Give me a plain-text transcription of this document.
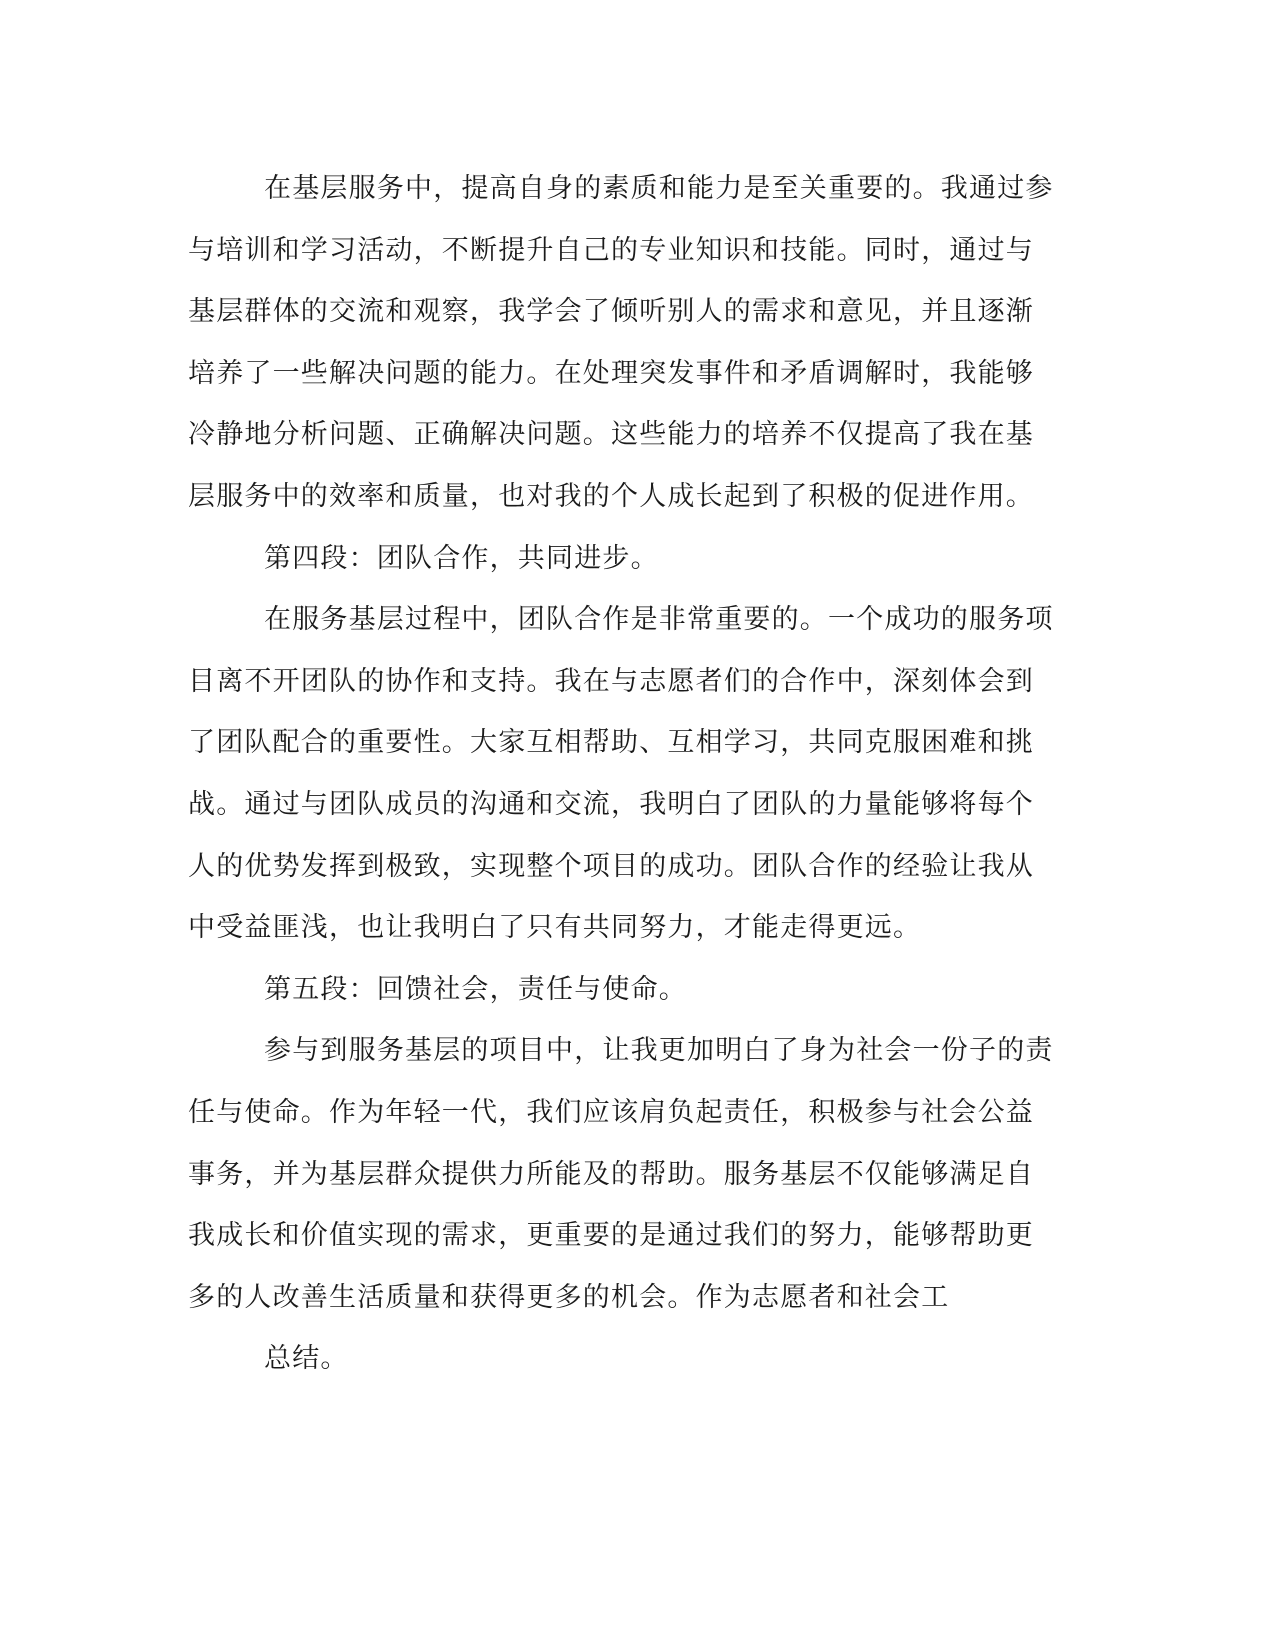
在基层服务中，提高自身的素质和能力是至关重要的。我通过参
与培训和学习活动，不断提升自己的专业知识和技能。同时，通过与
基层群体的交流和观察，我学会了倾听别人的需求和意见，并且逐渐
培养了一些解决问题的能力。在处理突发事件和矛盾调解时，我能够
冷静地分析问题、正确解决问题。这些能力的培养不仅提高了我在基
层服务中的效率和质量，也对我的个人成长起到了积极的促进作用。
第四段：团队合作，共同进步。
在服务基层过程中，团队合作是非常重要的。一个成功的服务项
目离不开团队的协作和支持。我在与志愿者们的合作中，深刻体会到
了团队配合的重要性。大家互相帮助、互相学习，共同克服困难和挑
战。通过与团队成员的沟通和交流，我明白了团队的力量能够将每个
人的优势发挥到极致，实现整个项目的成功。团队合作的经验让我从
中受益匪浅，也让我明白了只有共同努力，才能走得更远。
第五段：回馈社会，责任与使命。
参与到服务基层的项目中，让我更加明白了身为社会一份子的责
任与使命。作为年轻一代，我们应该肩负起责任，积极参与社会公益
事务，并为基层群众提供力所能及的帮助。服务基层不仅能够满足自
我成长和价值实现的需求，更重要的是通过我们的努力，能够帮助更
多的人改善生活质量和获得更多的机会。作为志愿者和社会工
总结。
